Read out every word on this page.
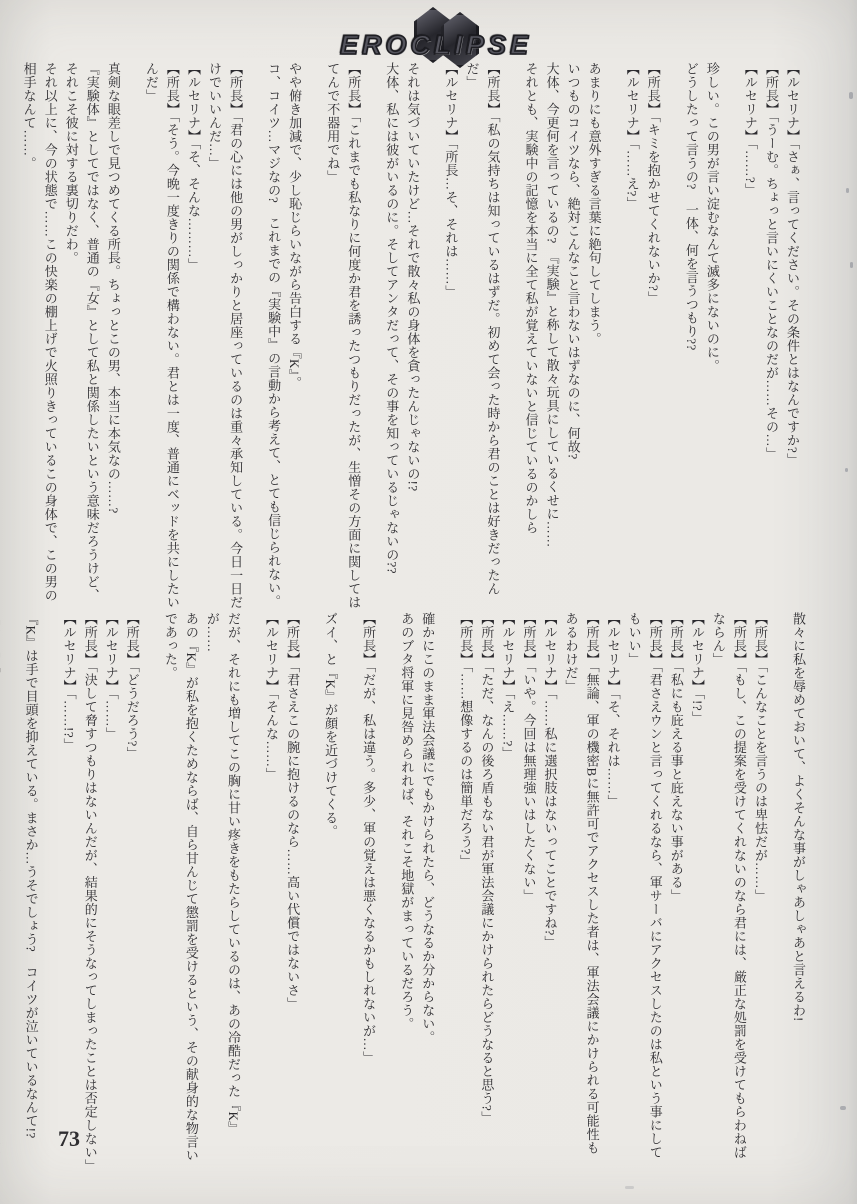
EROCLIPSE

【ルセリナ】「さぁ、言ってください。その条件とはなんですか?」

【所長】「うーむ。ちょっと言いにくいことなのだが……その…」

【ルセリナ】「……?」

珍しい。この男が言い淀むなんて滅多にないのに。

どうしたって言うの?　一体、何を言うつもり??

【所長】「キミを抱かせてくれないか?」

【ルセリナ】「……え?」

あまりにも意外すぎる言葉に絶句してしまう。

いつものコイツなら、絶対こんなこと言わないはずなのに、何故?

大体、今更何を言っているの?　『実験』と称して散々玩具にしているくせに……

それとも、実験中の記憶を本当に全て私が覚えていないと信じているのかしら

【所長】「私の気持ちは知っているはずだ。初めて会った時から君のことは好きだったんだ」

【ルセリナ】「所長…そ、それは……」

それは気づいていたけど…それで散々私の身体を貪ったんじゃないの!?

大体、私には彼がいるのに。そしてアンタだって、その事を知っているじゃないの??

【所長】「これまでも私なりに何度か君を誘ったつもりだったが、生憎その方面に関してはてんで不器用でね」

やや俯き加減で、少し恥じらいながら告白する『K』。

コ、コイツ…マジなの?　これまでの『実験中』の言動から考えて、とても信じられない。

【所長】「君の心には他の男がしっかりと居座っているのは重々承知している。今日一日だけでいいんだ…」

【ルセリナ】「そ、そんな………」

【所長】「そう。今晩一度きりの関係で構わない。君とは一度、普通にベッドを共にしたいんだ」

真剣な眼差しで見つめてくる所長。ちょっとこの男、本当に本気なの……?

『実験体』としてではなく、普通の『女』として私と関係したいという意味だろうけど、それこそ彼に対する裏切りだわ。

それ以上に、今の状態で……この快楽の棚上げで火照りきっているこの身体で、この男の相手なんて……。

散々に私を辱めておいて、よくそんな事がしゃあしゃあと言えるわ!

【所長】「こんなことを言うのは卑怯だが……」

【所長】「もし、この提案を受けてくれないのなら君には、厳正な処罰を受けてもらわねばならん」

【ルセリナ】「!?」

【所長】「私にも庇える事と庇えない事がある」

【所長】「君さえウンと言ってくれるなら、軍サーバにアクセスしたのは私という事にしてもいい」

【ルセリナ】「そ、それは……」

【所長】「無論、軍の機密Bに無許可でアクセスした者は、軍法会議にかけられる可能性もあるわけだ」

【ルセリナ】「……私に選択肢はないってことですね?」

【所長】「いや。今回は無理強いはしたくない」

【ルセリナ】「え……?」

【所長】「ただ、なんの後ろ盾もない君が軍法会議にかけられたらどうなると思う?」

【所長】「……想像するのは簡単だろう?」

確かにこのまま軍法会議にでもかけられたら、どうなるか分からない。

あのブタ将軍に見咎められれば、それこそ地獄がまっているだろう。

【所長】「だが、私は違う。多少、軍の覚えは悪くなるかもしれないが…」

ズイ、と『K』が顔を近づけてくる。

【所長】「君さえこの腕に抱けるのなら……高い代償ではないさ」

【ルセリナ】「そんな……」

だが、それにも増してこの胸に甘い疼きをもたらしているのは、あの冷酷だった『K』が……

あの『K』が私を抱くためならば、自ら甘んじて懲罰を受けるという、その献身的な物言いであった。

【所長】「どうだろう?」

【ルセリナ】「……」

【所長】「決して脅すつもりはないんだが、結果的にそうなってしまったことは否定しない」

【ルセリナ】「……!?」

『K』は手で目頭を抑えている。まさか…うそでしょう?　コイツが泣いているなんて!? 73
